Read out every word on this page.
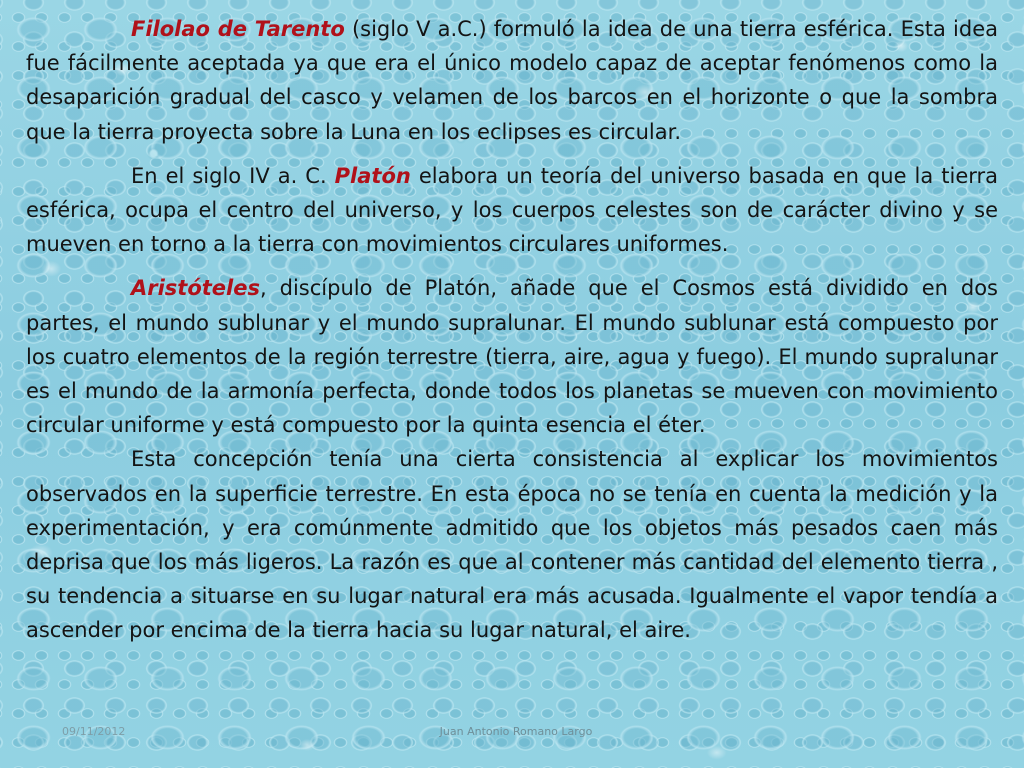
Filolao de Tarento (siglo V a.C.) formuló la idea de una tierra esférica. Esta idea fue fácilmente aceptada ya que era el único modelo capaz de aceptar fenómenos como la desaparición gradual del casco y velamen de los barcos en el horizonte o que la sombra que la tierra proyecta sobre la Luna en los eclipses es circular.

En el siglo IV a. C. Platón elabora un teoría del universo basada en que la tierra esférica, ocupa el centro del universo, y los cuerpos celestes son de carácter divino y se mueven en torno a la tierra con movimientos circulares uniformes.

Aristóteles, discípulo de Platón, añade que el Cosmos está dividido en dos partes, el mundo sublunar y el mundo supralunar. El mundo sublunar está compuesto por los cuatro elementos de la región terrestre (tierra, aire, agua y fuego). El mundo supralunar es el mundo de la armonía perfecta, donde todos los planetas se mueven con movimiento circular uniforme y está compuesto por la quinta esencia el éter.

Esta concepción tenía una cierta consistencia al explicar los movimientos observados en la superficie terrestre. En esta época no se tenía en cuenta la medición y la experimentación, y era comúnmente admitido que los objetos más pesados caen más deprisa que los más ligeros. La razón es que al contener más cantidad del elemento tierra , su tendencia a situarse en su lugar natural era más acusada. Igualmente el vapor tendía a ascender por encima de la tierra hacia su lugar natural, el aire.

09/11/2012	Juan Antonio Romano Largo
